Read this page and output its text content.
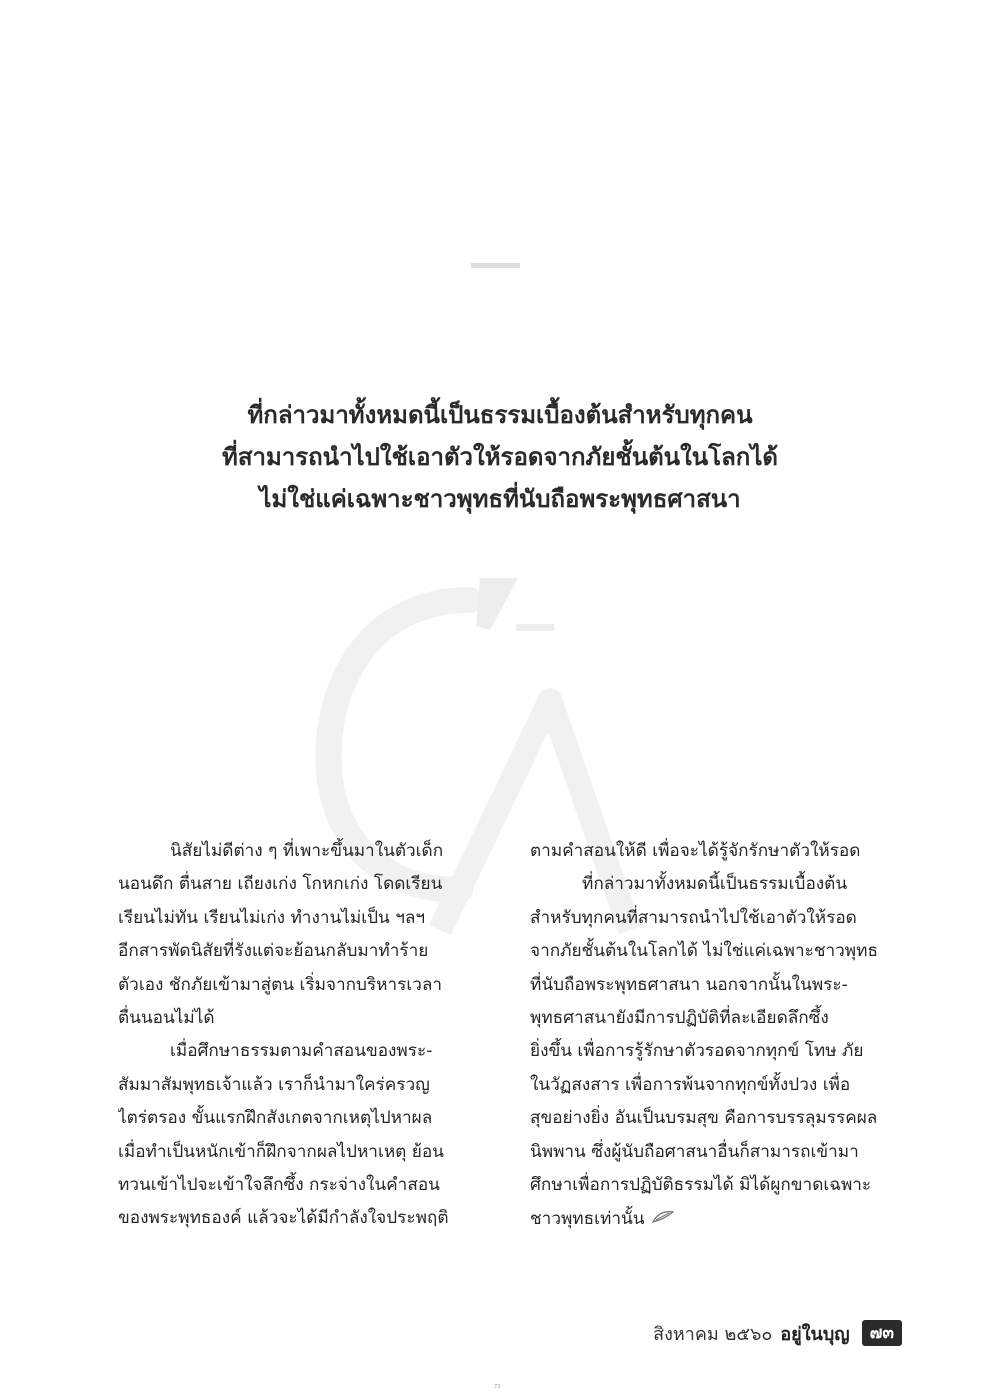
ที่กล่าวมาทั้งหมดนี้เป็นธรรมเบื้องต้นสำหรับทุกคน
ที่สามารถนำไปใช้เอาตัวให้รอดจากภัยชั้นต้นในโลกได้
ไม่ใช่แค่เฉพาะชาวพุทธที่นับถือพระพุทธศาสนา

นิสัยไม่ดีต่าง ๆ ที่เพาะขึ้นมาในตัวเด็ก
นอนดึก ตื่นสาย เถียงเก่ง โกหกเก่ง โดดเรียน
เรียนไม่ทัน เรียนไม่เก่ง ทำงานไม่เป็น ฯลฯ
อีกสารพัดนิสัยที่รังแต่จะย้อนกลับมาทำร้าย
ตัวเอง ชักภัยเข้ามาสู่ตน เริ่มจากบริหารเวลา
ตื่นนอนไม่ได้

เมื่อศึกษาธรรมตามคำสอนของพระ-
สัมมาสัมพุทธเจ้าแล้ว เราก็นำมาใคร่ครวญ
ไตร่ตรอง ขั้นแรกฝึกสังเกตจากเหตุไปหาผล
เมื่อทำเป็นหนักเข้าก็ฝึกจากผลไปหาเหตุ ย้อน
ทวนเข้าไปจะเข้าใจลึกซึ้ง กระจ่างในคำสอน
ของพระพุทธองค์ แล้วจะได้มีกำลังใจประพฤติ

ตามคำสอนให้ดี เพื่อจะได้รู้จักรักษาตัวให้รอด

ที่กล่าวมาทั้งหมดนี้เป็นธรรมเบื้องต้น
สำหรับทุกคนที่สามารถนำไปใช้เอาตัวให้รอด
จากภัยชั้นต้นในโลกได้ ไม่ใช่แค่เฉพาะชาวพุทธ
ที่นับถือพระพุทธศาสนา นอกจากนั้นในพระ-
พุทธศาสนายังมีการปฏิบัติที่ละเอียดลึกซึ้ง
ยิ่งขึ้น เพื่อการรู้รักษาตัวรอดจากทุกข์ โทษ ภัย
ในวัฏสงสาร เพื่อการพ้นจากทุกข์ทั้งปวง เพื่อ
สุขอย่างยิ่ง อันเป็นบรมสุข คือการบรรลุมรรคผล
นิพพาน ซึ่งผู้นับถือศาสนาอื่นก็สามารถเข้ามา
ศึกษาเพื่อการปฏิบัติธรรมได้ มิได้ผูกขาดเฉพาะ
ชาวพุทธเท่านั้น

สิงหาคม ๒๕๖๐ อยู่ในบุญ	๗๓
73
